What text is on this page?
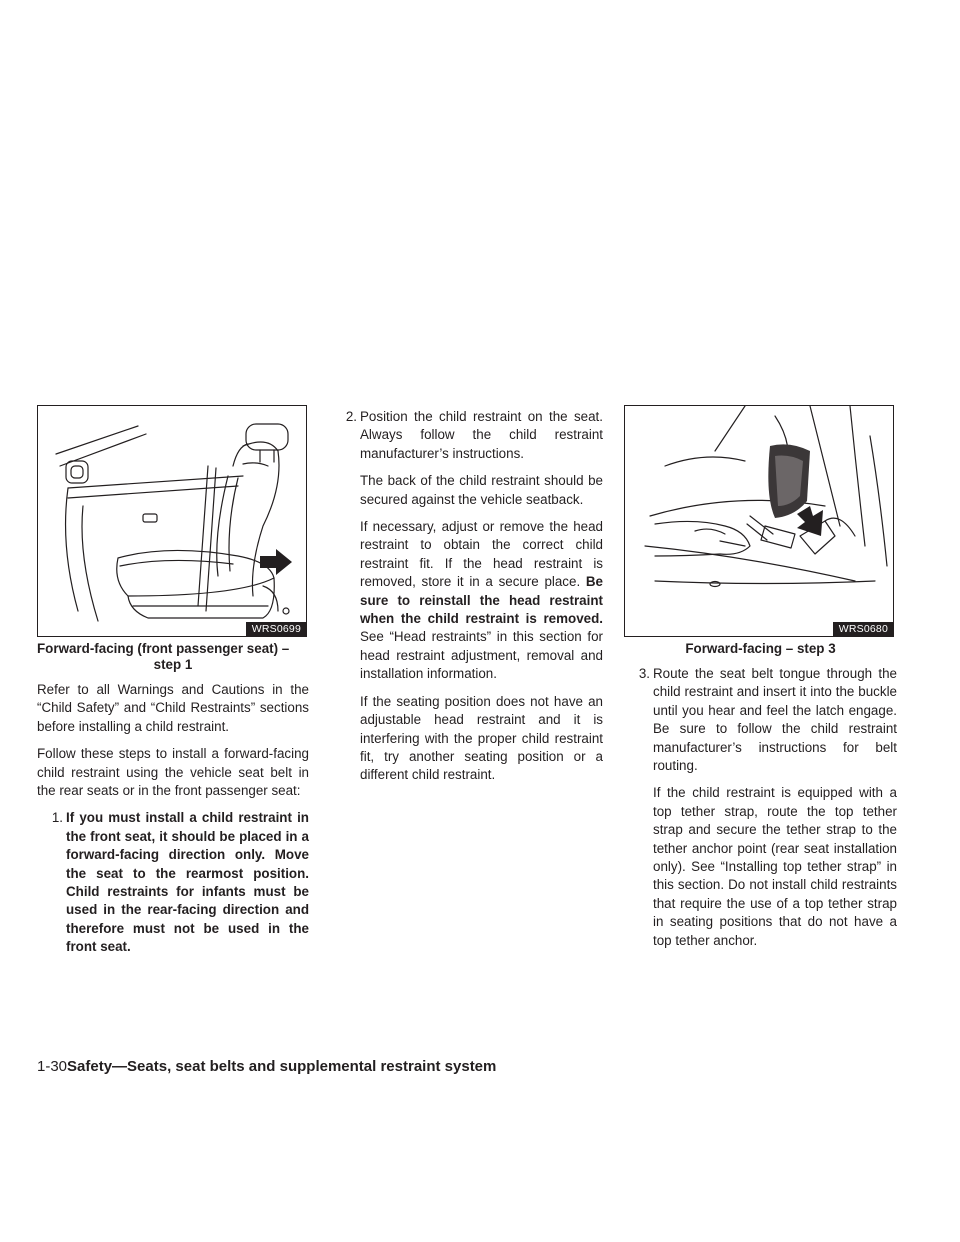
WRS0699
Forward-facing (front passenger seat) –
step 1

Refer to all Warnings and Cautions in the “Child Safety” and “Child Restraints” sections before installing a child restraint.

Follow these steps to install a forward-facing child restraint using the vehicle seat belt in the rear seats or in the front passenger seat:

1. If you must install a child restraint in the front seat, it should be placed in a forward-facing direction only. Move the seat to the rearmost position. Child restraints for infants must be used in the rear-facing direction and therefore must not be used in the front seat.
2. Position the child restraint on the seat. Always follow the child restraint manufacturer’s instructions.

The back of the child restraint should be secured against the vehicle seatback.

If necessary, adjust or remove the head restraint to obtain the correct child restraint fit. If the head restraint is removed, store it in a secure place. Be sure to reinstall the head restraint when the child restraint is removed. See “Head restraints” in this section for head restraint adjustment, removal and installation information.

If the seating position does not have an adjustable head restraint and it is interfering with the proper child restraint fit, try another seating position or a different child restraint.

WRS0680
Forward-facing – step 3
3. Route the seat belt tongue through the child restraint and insert it into the buckle until you hear and feel the latch engage. Be sure to follow the child restraint manufacturer’s instructions for belt routing.

If the child restraint is equipped with a top tether strap, route the top tether strap and secure the tether strap to the tether anchor point (rear seat installation only). See “Installing top tether strap” in this section. Do not install child restraints that require the use of a top tether strap in seating positions that do not have a top tether anchor.

1-30Safety—Seats, seat belts and supplemental restraint system
